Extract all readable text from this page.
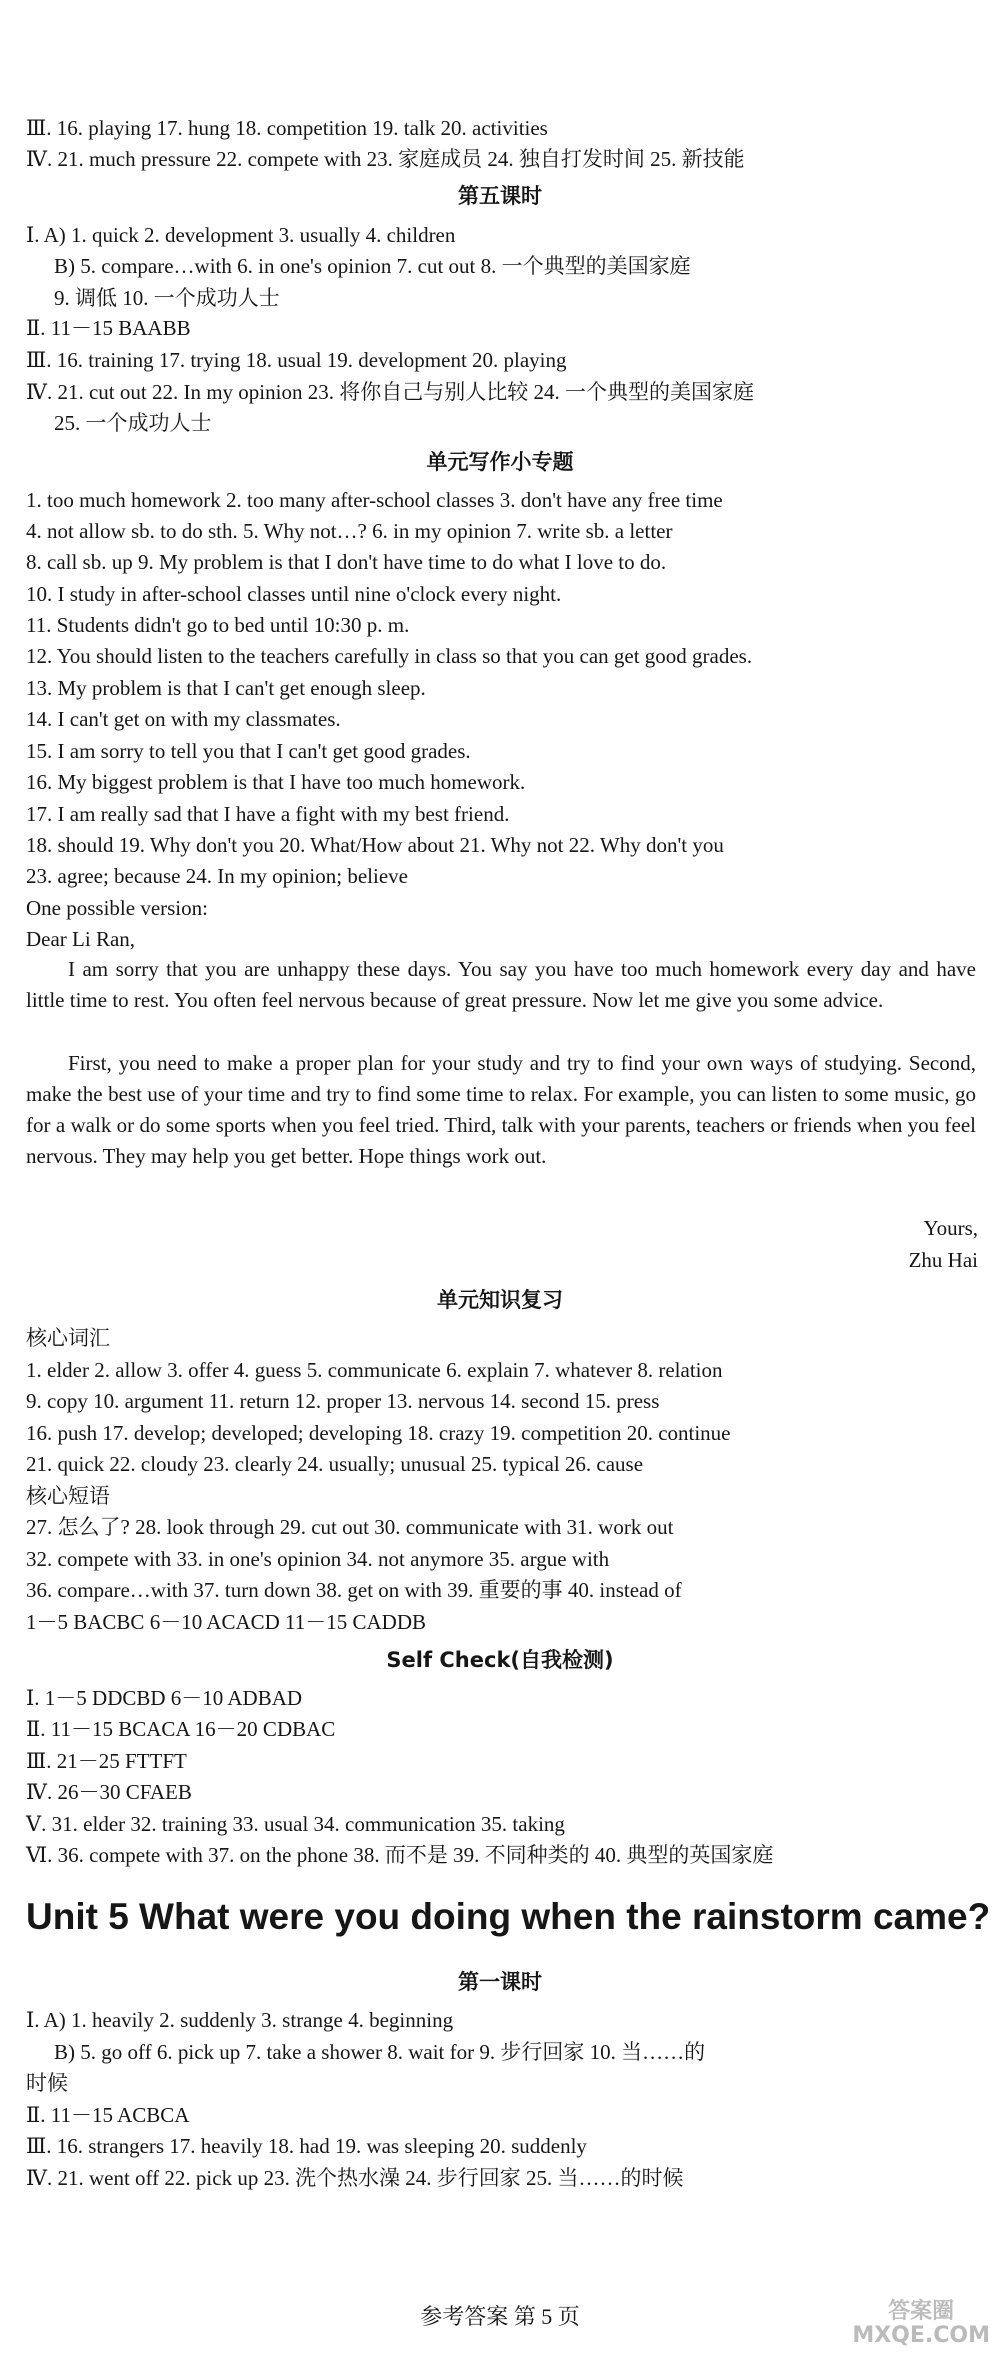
Ⅲ. 16. playing 17. hung 18. competition 19. talk 20. activities
Ⅳ. 21. much pressure 22. compete with 23. 家庭成员 24. 独自打发时间 25. 新技能
第五课时
Ⅰ. A) 1. quick 2. development 3. usually 4. children
B) 5. compare…with 6. in one's opinion 7. cut out 8. 一个典型的美国家庭
9. 调低 10. 一个成功人士
Ⅱ. 11－15 BAABB
Ⅲ. 16. training 17. trying 18. usual 19. development 20. playing
Ⅳ. 21. cut out 22. In my opinion 23. 将你自己与别人比较 24. 一个典型的美国家庭
25. 一个成功人士
单元写作小专题
1. too much homework 2. too many after-school classes 3. don't have any free time
4. not allow sb. to do sth. 5. Why not…? 6. in my opinion 7. write sb. a letter
8. call sb. up 9. My problem is that I don't have time to do what I love to do.
10. I study in after-school classes until nine o'clock every night.
11. Students didn't go to bed until 10:30 p. m.
12. You should listen to the teachers carefully in class so that you can get good grades.
13. My problem is that I can't get enough sleep.
14. I can't get on with my classmates.
15. I am sorry to tell you that I can't get good grades.
16. My biggest problem is that I have too much homework.
17. I am really sad that I have a fight with my best friend.
18. should 19. Why don't you 20. What/How about 21. Why not 22. Why don't you
23. agree; because 24. In my opinion; believe
One possible version:
Dear Li Ran,
I am sorry that you are unhappy these days. You say you have too much homework every day and have little time to rest. You often feel nervous because of great pressure. Now let me give you some advice.
First, you need to make a proper plan for your study and try to find your own ways of studying. Second, make the best use of your time and try to find some time to relax. For example, you can listen to some music, go for a walk or do some sports when you feel tried. Third, talk with your parents, teachers or friends when you feel nervous. They may help you get better. Hope things work out.
Yours,
Zhu Hai
单元知识复习
核心词汇
1. elder 2. allow 3. offer 4. guess 5. communicate 6. explain 7. whatever 8. relation
9. copy 10. argument 11. return 12. proper 13. nervous 14. second 15. press
16. push 17. develop; developed; developing 18. crazy 19. competition 20. continue
21. quick 22. cloudy 23. clearly 24. usually; unusual 25. typical 26. cause
核心短语
27. 怎么了? 28. look through 29. cut out 30. communicate with 31. work out
32. compete with 33. in one's opinion 34. not anymore 35. argue with
36. compare…with 37. turn down 38. get on with 39. 重要的事 40. instead of
1－5 BACBC 6－10 ACACD 11－15 CADDB
Self Check(自我检测)
Ⅰ. 1－5 DDCBD 6－10 ADBAD
Ⅱ. 11－15 BCACA 16－20 CDBAC
Ⅲ. 21－25 FTTFT
Ⅳ. 26－30 CFAEB
Ⅴ. 31. elder 32. training 33. usual 34. communication 35. taking
Ⅵ. 36. compete with 37. on the phone 38. 而不是 39. 不同种类的 40. 典型的英国家庭
Unit 5 What were you doing when the rainstorm came?
第一课时
Ⅰ. A) 1. heavily 2. suddenly 3. strange 4. beginning
B) 5. go off 6. pick up 7. take a shower 8. wait for 9. 步行回家 10. 当……的
时候
Ⅱ. 11－15 ACBCA
Ⅲ. 16. strangers 17. heavily 18. had 19. was sleeping 20. suddenly
Ⅳ. 21. went off 22. pick up 23. 洗个热水澡 24. 步行回家 25. 当……的时候
参考答案 第 5 页	答案圈
MXQE.COM
